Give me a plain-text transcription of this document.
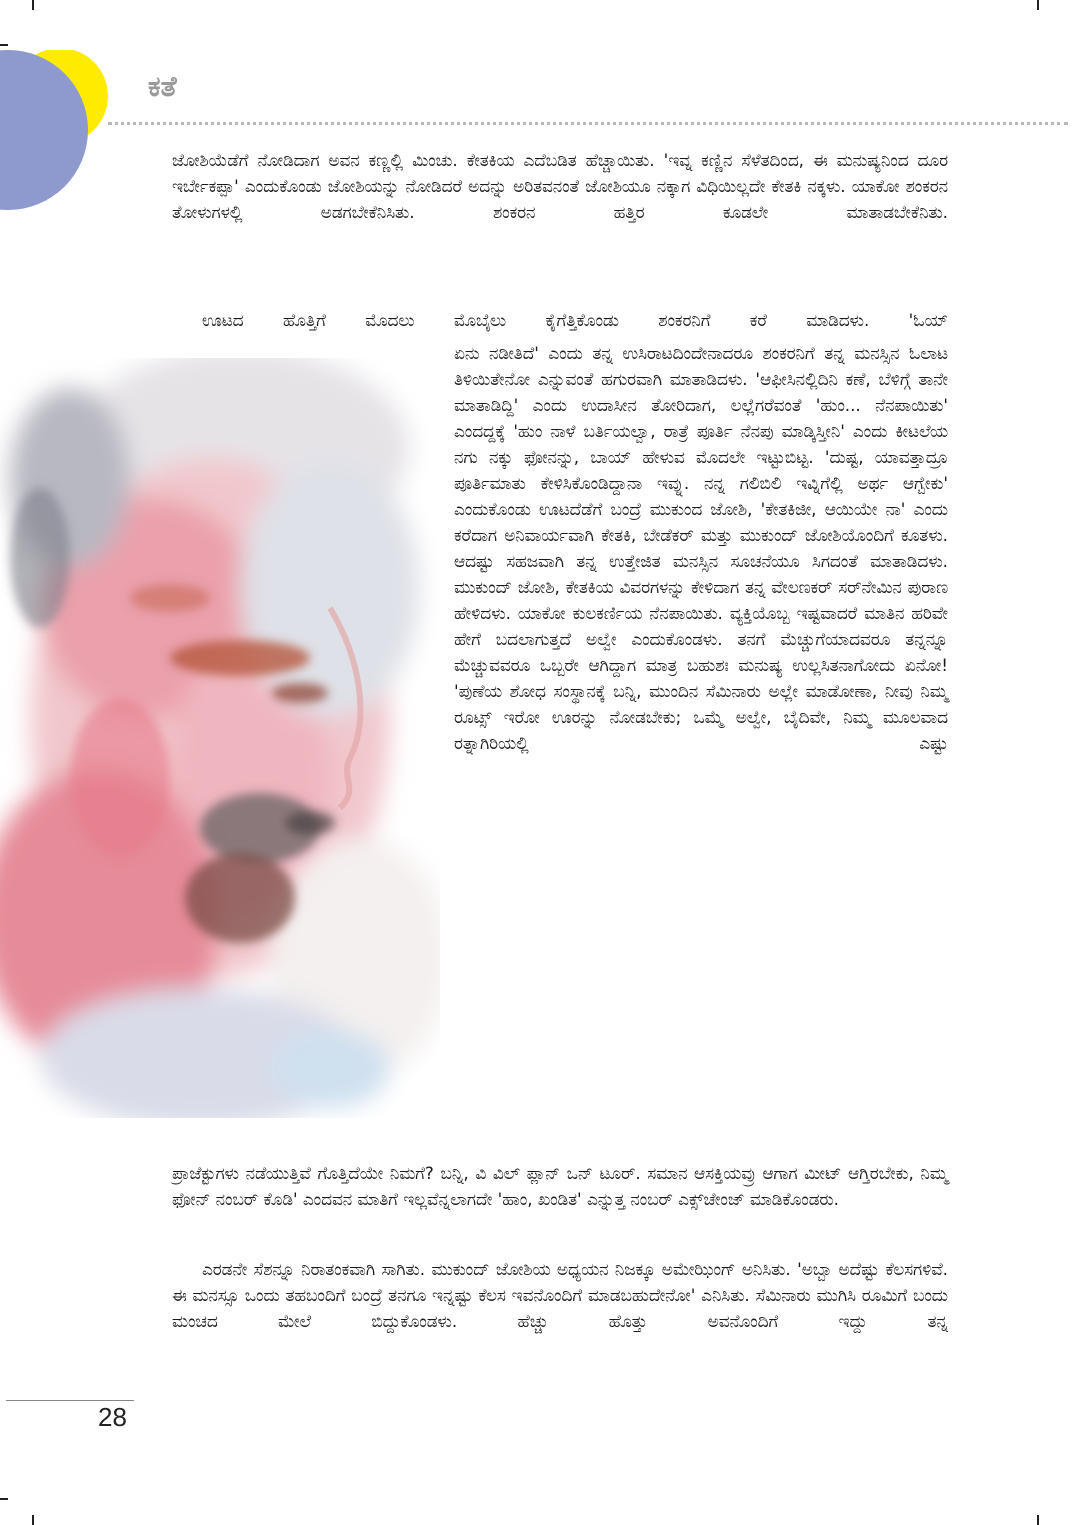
ಕತೆ

ಜೋಶಿಯೆಡೆಗೆ ನೋಡಿದಾಗ ಅವನ ಕಣ್ಣಲ್ಲಿ ಮಿಂಚು. ಕೇತಕಿಯ ಎದೆಬಡಿತ ಹೆಚ್ಚಾಯಿತು. 'ಇವ್ನ ಕಣ್ಣಿನ ಸೆಳೆತದಿಂದ, ಈ ಮನುಷ್ಯನಿಂದ ದೂರ ಇರ್ಬೇಕಪ್ಪಾ' ಎಂದುಕೊಂಡು ಜೋಶಿಯನ್ನು ನೋಡಿದರೆ ಅದನ್ನು ಅರಿತವನಂತೆ ಜೋಶಿಯೂ ನಕ್ಕಾಗ ವಿಧಿಯಿಲ್ಲದೇ ಕೇತಕಿ ನಕ್ಕಳು. ಯಾಕೋ ಶಂಕರನ ತೋಳುಗಳಲ್ಲಿ ಅಡಗಬೇಕೆನಿಸಿತು. ಶಂಕರನ ಹತ್ತಿರ ಕೂಡಲೇ ಮಾತಾಡಬೇಕೆನಿತು.

ಊಟದ ಹೊತ್ತಿಗೆ ಮೊದಲು ಮೊಬೈಲು ಕೈಗೆತ್ತಿಕೊಂಡು ಶಂಕರನಿಗೆ ಕರೆ ಮಾಡಿದಳು. 'ಓಯ್

ಏನು ನಡೀತಿದೆ' ಎಂದು ತನ್ನ ಉಸಿರಾಟದಿಂದೇನಾದರೂ ಶಂಕರನಿಗೆ ತನ್ನ ಮನಸ್ಸಿನ ಓಲಾಟ ತಿಳಿಯಿತೇನೋ ಎನ್ನುವಂತೆ ಹಗುರವಾಗಿ ಮಾತಾಡಿದಳು. 'ಆಫೀಸಿನಲ್ಲಿದಿನಿ ಕಣೆ, ಬೆಳಿಗ್ಗೆ ತಾನೇ ಮಾತಾಡಿದ್ದಿ' ಎಂದು ಉದಾಸೀನ ತೋರಿದಾಗ, ಲಲ್ಲೆಗರೆವಂತೆ 'ಹುಂ... ನೆನಪಾಯಿತು' ಎಂದದ್ದಕ್ಕೆ 'ಹುಂ ನಾಳೆ ಬರ್ತಿಯಲ್ವಾ, ರಾತ್ರೆ ಪೂರ್ತಿ ನೆನಪು ಮಾಡ್ಕಿಸ್ತೀನಿ' ಎಂದು ಕೀಟಲೆಯ ನಗು ನಕ್ಕು ಫೋನನ್ನು, ಬಾಯ್ ಹೇಳುವ ಮೊದಲೇ ಇಟ್ಟುಬಿಟ್ಟ. 'ದುಷ್ಟ, ಯಾವತ್ತಾದ್ರೂ ಪೂರ್ತಿಮಾತು ಕೇಳಿಸಿಕೊಂಡಿದ್ದಾನಾ ಇವ್ನು. ನನ್ನ ಗಲಿಬಿಲಿ ಇವ್ನಿಗೆಲ್ಲಿ ಅರ್ಥ ಆಗ್ಬೇಕು' ಎಂದುಕೊಂಡು ಊಟದೆಡೆಗೆ ಬಂದ್ರೆ ಮುಕುಂದ ಜೋಶಿ, 'ಕೇತಕಿಜೀ, ಆಯಿಯೇ ನಾ' ಎಂದು ಕರೆದಾಗ ಅನಿವಾರ್ಯವಾಗಿ ಕೇತಕಿ, ಬೇಡೆಕರ್ ಮತ್ತು ಮುಕುಂದ್ ಜೋಶಿಯೊಂದಿಗೆ ಕೂತಳು. ಆದಷ್ಟು ಸಹಜವಾಗಿ ತನ್ನ ಉತ್ತೇಜಿತ ಮನಸ್ಸಿನ ಸೂಚನೆಯೂ ಸಿಗದಂತೆ ಮಾತಾಡಿದಳು. ಮುಕುಂದ್ ಜೋಶಿ, ಕೇತಕಿಯ ವಿವರಗಳನ್ನು ಕೇಳಿದಾಗ ತನ್ನ ವೇಲಣಕರ್ ಸರ್‌ನೇಮಿನ ಪುರಾಣ ಹೇಳಿದಳು. ಯಾಕೋ ಕುಲಕರ್ಣಿಯ ನೆನಪಾಯಿತು. ವ್ಯಕ್ತಿಯೊಬ್ಬ ಇಷ್ಟವಾದರೆ ಮಾತಿನ ಹರಿವೇ ಹೇಗೆ ಬದಲಾಗುತ್ತದೆ ಅಲ್ವೇ ಎಂದುಕೊಂಡಳು. ತನಗೆ ಮೆಚ್ಚುಗೆಯಾದವರೂ ತನ್ನನ್ನೂ ಮೆಚ್ಚುವವರೂ ಒಬ್ಬರೇ ಆಗಿದ್ದಾಗ ಮಾತ್ರ ಬಹುಶಃ ಮನುಷ್ಯ ಉಲ್ಲಸಿತನಾಗೋದು ಏನೋ! 'ಪುಣೆಯ ಶೋಧ ಸಂಸ್ಥಾನಕ್ಕೆ ಬನ್ನಿ, ಮುಂದಿನ ಸೆಮಿನಾರು ಅಲ್ಲೇ ಮಾಡೋಣಾ, ನೀವು ನಿಮ್ಮ ರೂಟ್ಸ್ ಇರೋ ಊರನ್ನು ನೋಡಬೇಕು; ಒಮ್ಮೆ ಅಲ್ವೇ, ಬೈದಿವೇ, ನಿಮ್ಮ ಮೂಲವಾದ ರತ್ನಾಗಿರಿಯಲ್ಲಿ ಎಷ್ಟು

ಪ್ರಾಜೆಕ್ಟುಗಳು ನಡೆಯುತ್ತಿವೆ ಗೊತ್ತಿದೆಯೇ ನಿಮಗೆ? ಬನ್ನಿ, ವಿ ವಿಲ್ ಪ್ಲಾನ್ ಒನ್ ಟೂರ್. ಸಮಾನ ಆಸಕ್ತಿಯವ್ರು ಆಗಾಗ ಮೀಟ್ ಆಗ್ತಿರಬೇಕು, ನಿಮ್ಮ ಫೋನ್ ನಂಬರ್ ಕೊಡಿ' ಎಂದವನ ಮಾತಿಗೆ ಇಲ್ಲವೆನ್ನಲಾಗದೇ 'ಹಾಂ, ಖಂಡಿತ' ಎನ್ನುತ್ತ ನಂಬರ್ ಎಕ್ಸ್‌ಚೇಂಜ್ ಮಾಡಿಕೊಂಡರು.

ಎರಡನೇ ಸೆಶನ್ನೂ ನಿರಾತಂಕವಾಗಿ ಸಾಗಿತು. ಮುಕುಂದ್ ಜೋಶಿಯ ಅಧ್ಯಯನ ನಿಜಕ್ಕೂ ಅಮೇಝಿಂಗ್ ಅನಿಸಿತು. 'ಅಬ್ಬಾ ಅದೆಷ್ಟು ಕೆಲಸಗಳಿವೆ. ಈ ಮನಸ್ಸೂ ಒಂದು ತಹಬಂದಿಗೆ ಬಂದ್ರೆ ತನಗೂ ಇನ್ನಷ್ಟು ಕೆಲಸ ಇವನೊಂದಿಗೆ ಮಾಡಬಹುದೇನೋ' ಎನಿಸಿತು. ಸೆಮಿನಾರು ಮುಗಿಸಿ ರೂಮಿಗೆ ಬಂದು ಮಂಚದ ಮೇಲೆ ಬಿದ್ದುಕೊಂಡಳು. ಹೆಚ್ಚು ಹೊತ್ತು ಅವನೊಂದಿಗೆ ಇದ್ದು ತನ್ನ

28
